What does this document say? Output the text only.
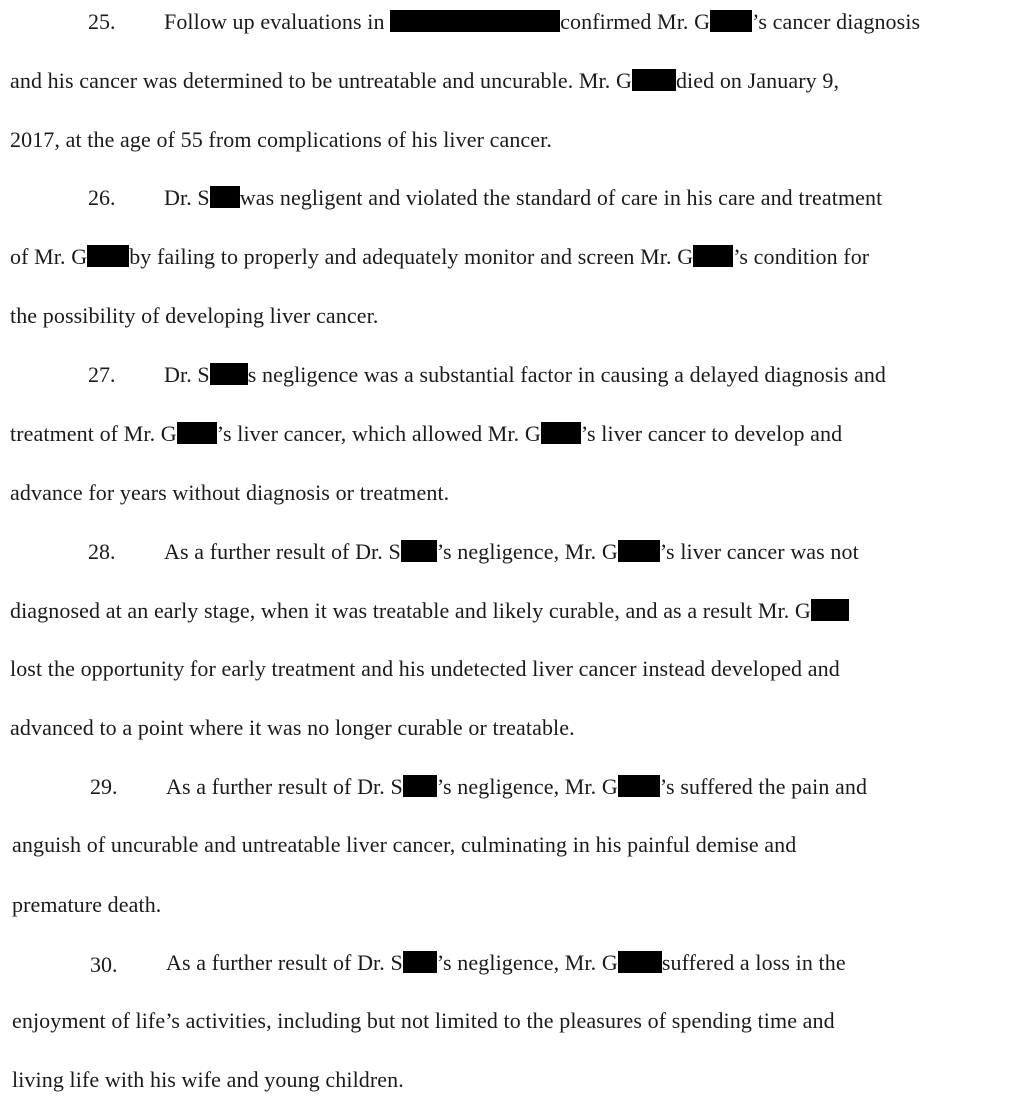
25. Follow up evaluations in	confirmed Mr. G ’s cancer diagnosis
and his cancer was determined to be untreatable and uncurable. Mr. G died on January 9,
2017, at the age of 55 from complications of his liver cancer.
26. Dr. S was negligent and violated the standard of care in his care and treatment
of Mr. G by failing to properly and adequately monitor and screen Mr. G ’s condition for
the possibility of developing liver cancer.
27. Dr. S s negligence was a substantial factor in causing a delayed diagnosis and
treatment of Mr. G ’s liver cancer, which allowed Mr. G ’s liver cancer to develop and
advance for years without diagnosis or treatment.
28. As a further result of Dr. S ’s negligence, Mr. G ’s liver cancer was not
diagnosed at an early stage, when it was treatable and likely curable, and as a result Mr. G
lost the opportunity for early treatment and his undetected liver cancer instead developed and
advanced to a point where it was no longer curable or treatable.
29. As a further result of Dr. S ’s negligence, Mr. G ’s suffered the pain and
anguish of uncurable and untreatable liver cancer, culminating in his painful demise and
premature death.
30. As a further result of Dr. S ’s negligence, Mr. G suffered a loss in the
enjoyment of life’s activities, including but not limited to the pleasures of spending time and
living life with his wife and young children.
